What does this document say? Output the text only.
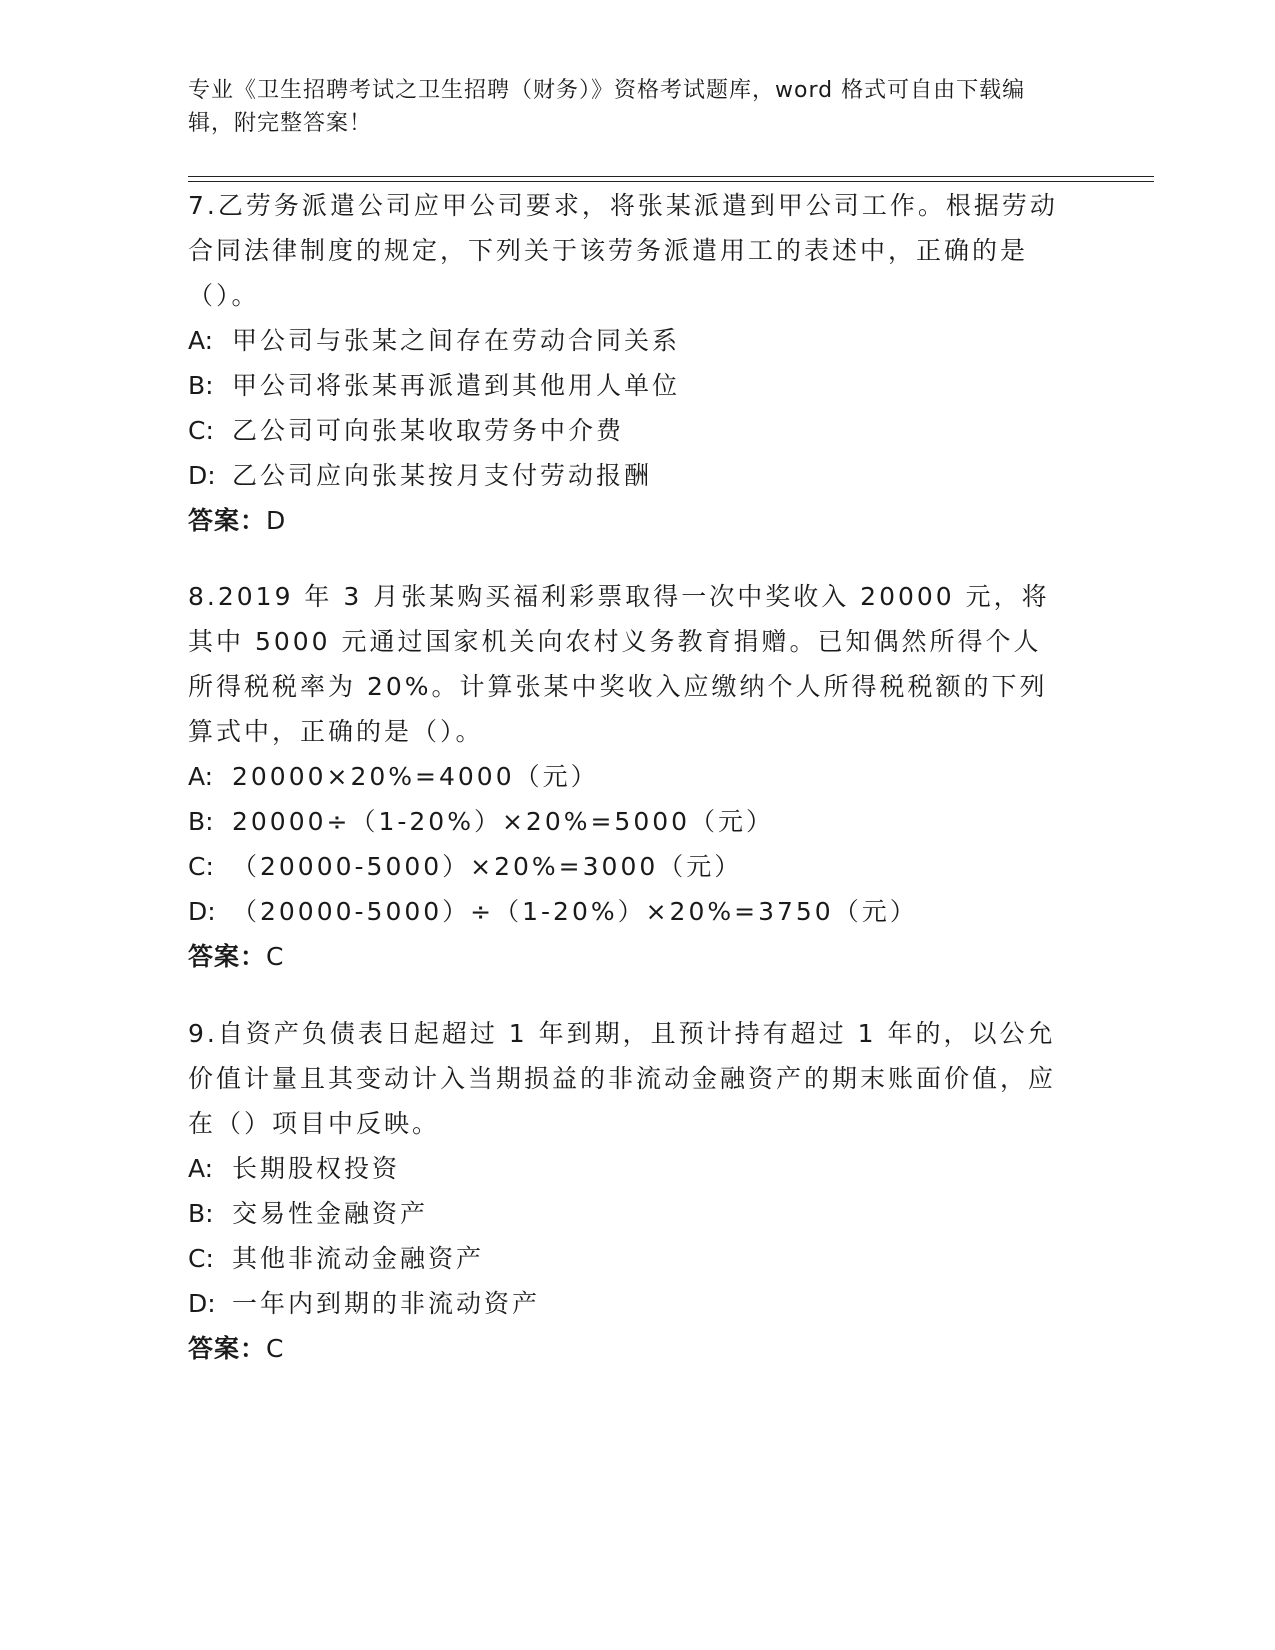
专业《卫生招聘考试之卫生招聘（财务）》资格考试题库，word 格式可自由下载编辑，附完整答案！

7.乙劳务派遣公司应甲公司要求，将张某派遣到甲公司工作。根据劳动合同法律制度的规定，下列关于该劳务派遣用工的表述中，正确的是（）。

A: 甲公司与张某之间存在劳动合同关系

B: 甲公司将张某再派遣到其他用人单位

C: 乙公司可向张某收取劳务中介费

D: 乙公司应向张某按月支付劳动报酬

答案：D

8.2019 年 3 月张某购买福利彩票取得一次中奖收入 20000 元，将其中 5000 元通过国家机关向农村义务教育捐赠。已知偶然所得个人所得税税率为 20%。计算张某中奖收入应缴纳个人所得税税额的下列算式中，正确的是（）。

A: 20000×20%=4000（元）

B: 20000÷（1-20%）×20%=5000（元）

C: （20000-5000）×20%=3000（元）

D: （20000-5000）÷（1-20%）×20%=3750（元）

答案：C

9.自资产负债表日起超过 1 年到期，且预计持有超过 1 年的，以公允价值计量且其变动计入当期损益的非流动金融资产的期末账面价值，应在（）项目中反映。

A: 长期股权投资

B: 交易性金融资产

C: 其他非流动金融资产

D: 一年内到期的非流动资产

答案：C
